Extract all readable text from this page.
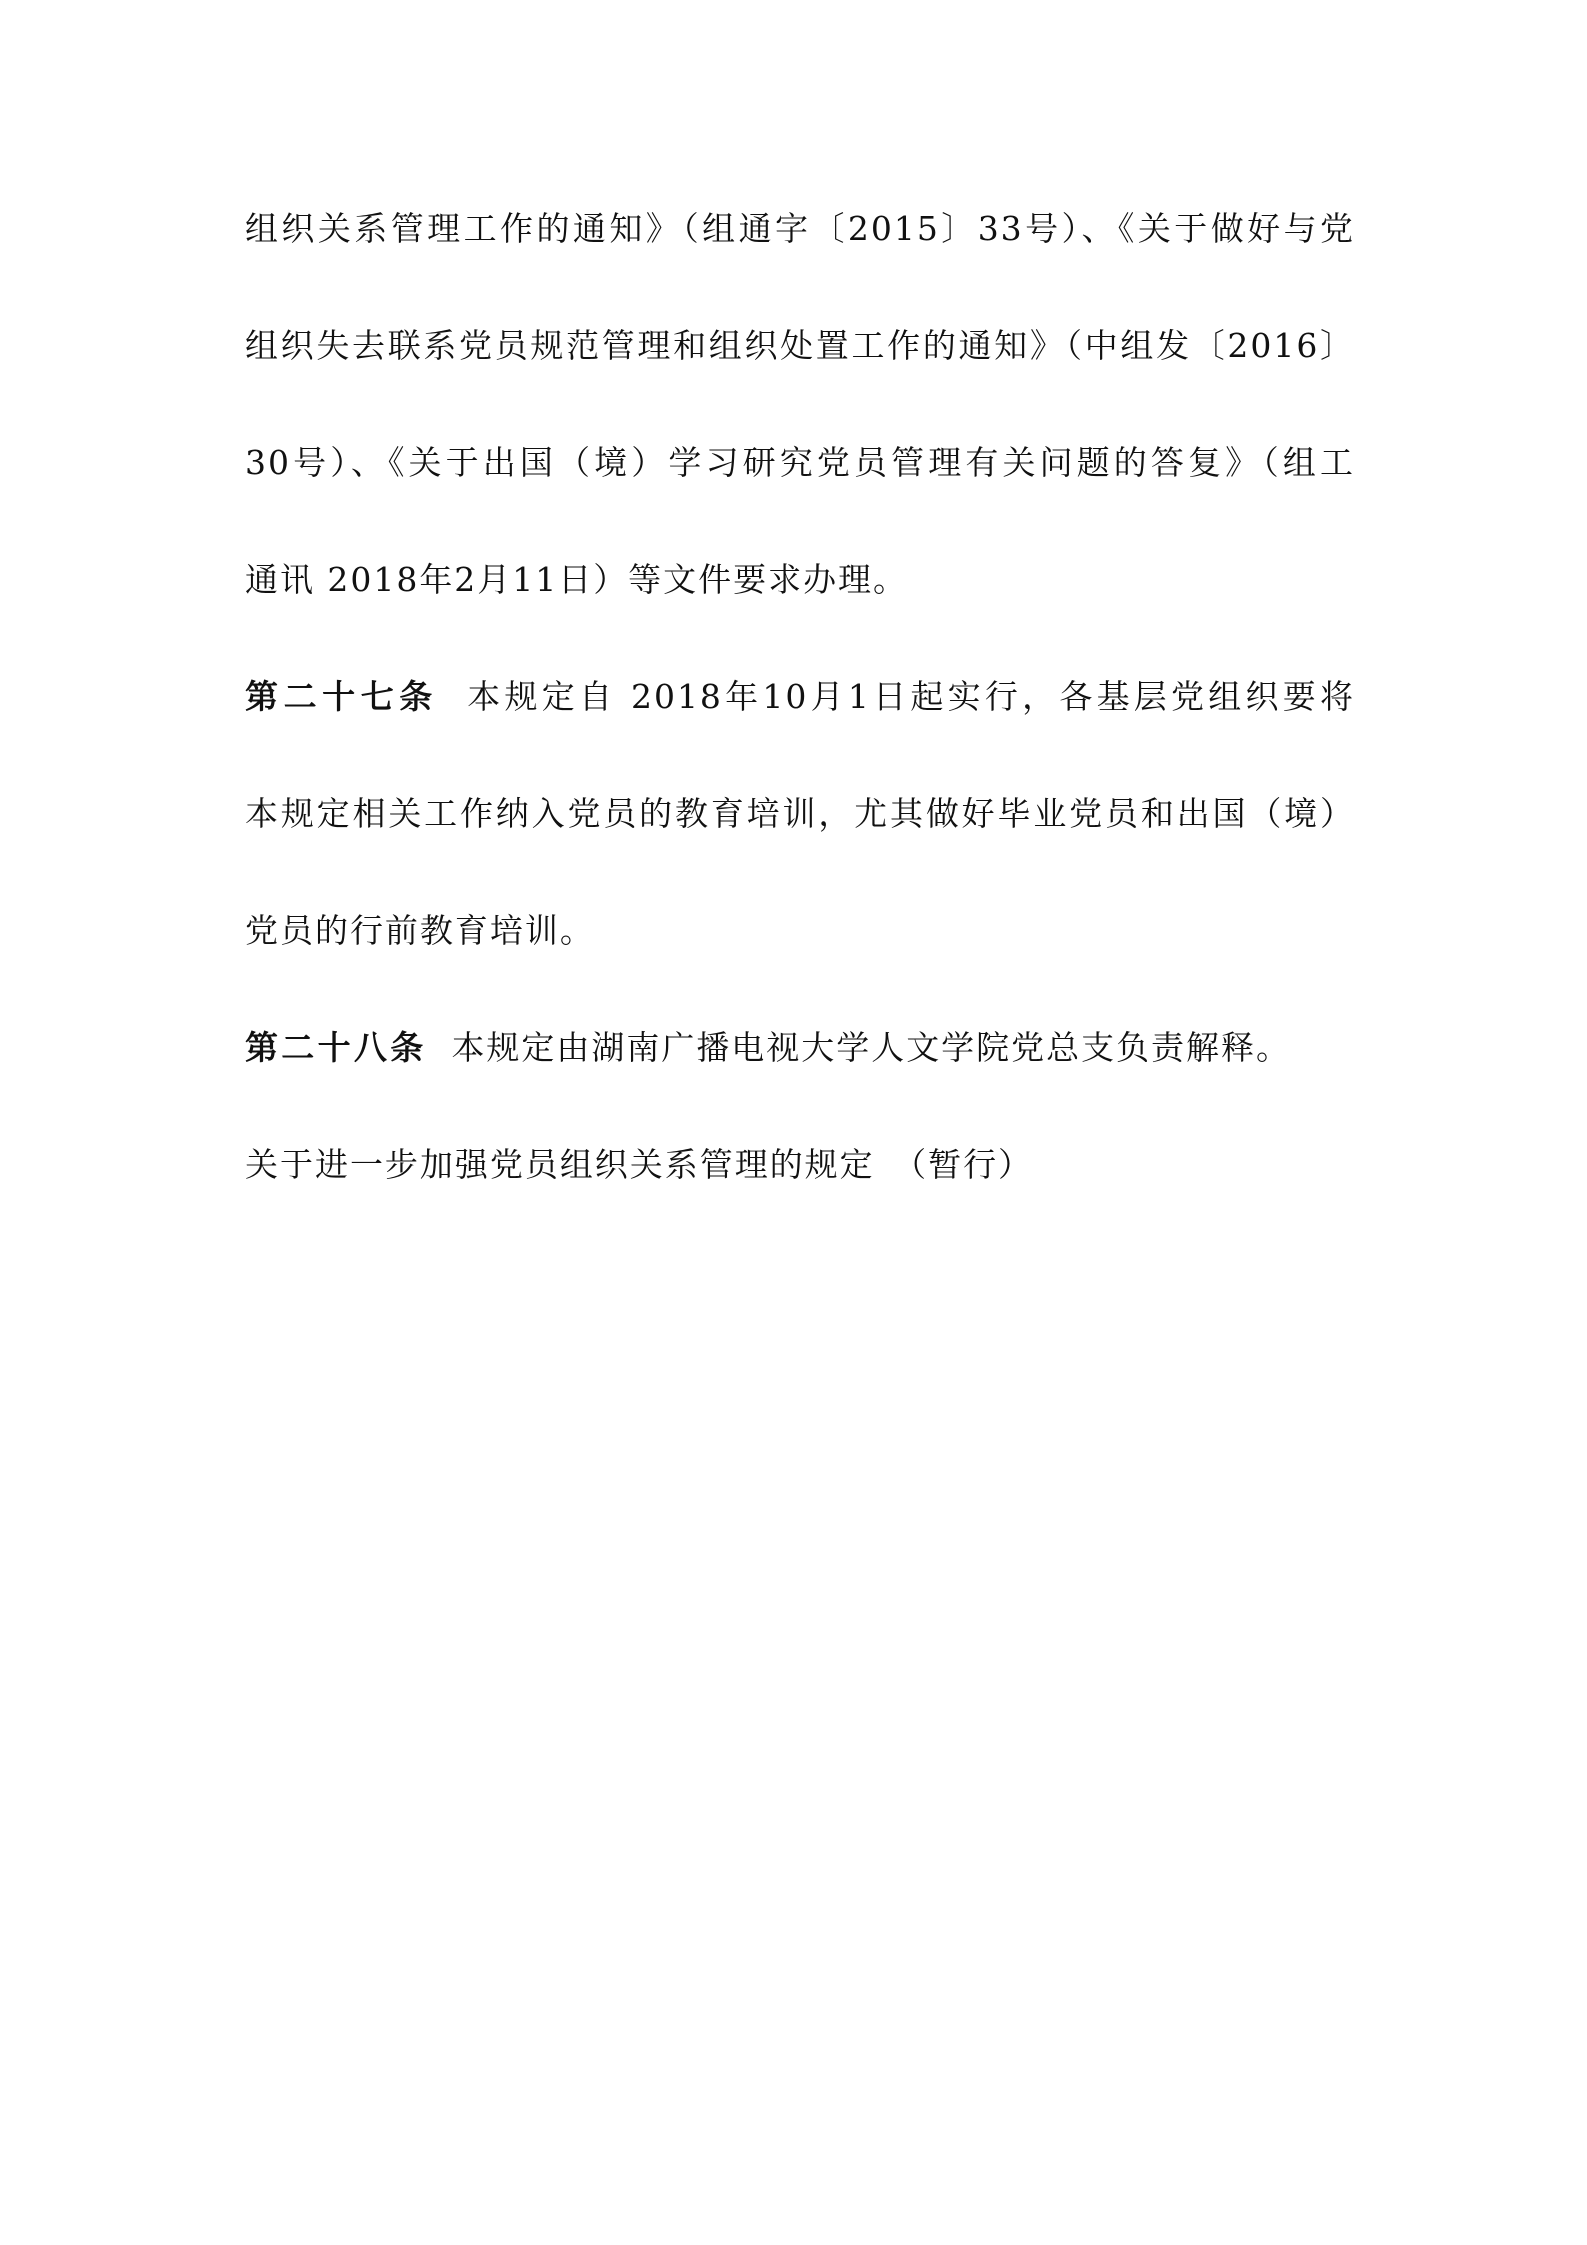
组织关系管理工作的通知》（组通字〔2015〕33号）、《关于做好与党
组织失去联系党员规范管理和组织处置工作的通知》（中组发〔2016〕
30号）、《关于出国（境）学习研究党员管理有关问题的答复》（组工
通讯 2018年2月11日）等文件要求办理。
第二十七条 本规定自 2018年10月1日起实行，各基层党组织要将
本规定相关工作纳入党员的教育培训，尤其做好毕业党员和出国（境）
党员的行前教育培训。
第二十八条 本规定由湖南广播电视大学人文学院党总支负责解释。
关于进一步加强党员组织关系管理的规定　（暂行）
